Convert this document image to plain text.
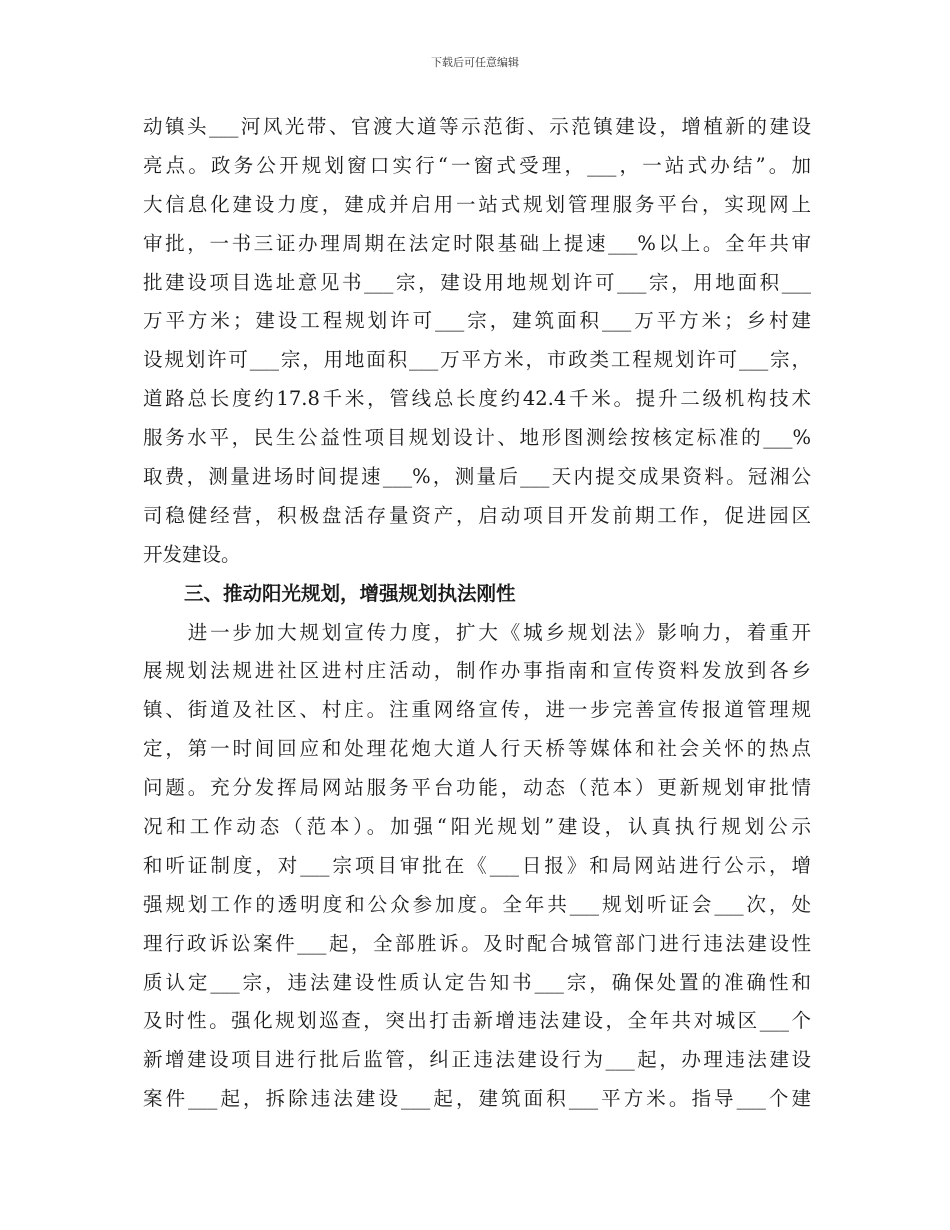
下载后可任意编辑
动镇头___河风光带、官渡大道等示范街、示范镇建设，增植新的建设
亮点。政务公开规划窗口实行“一窗式受理，___，一站式办结”。加
大信息化建设力度，建成并启用一站式规划管理服务平台，实现网上
审批，一书三证办理周期在法定时限基础上提速___%以上。全年共审
批建设项目选址意见书___宗，建设用地规划许可___宗，用地面积___
万平方米；建设工程规划许可___宗，建筑面积___万平方米；乡村建
设规划许可___宗，用地面积___万平方米，市政类工程规划许可___宗，
道路总长度约17.8千米，管线总长度约42.4千米。提升二级机构技术
服务水平，民生公益性项目规划设计、地形图测绘按核定标准的___%
取费，测量进场时间提速___%，测量后___天内提交成果资料。冠湘公
司稳健经营，积极盘活存量资产，启动项目开发前期工作，促进园区
开发建设。
三、推动阳光规划，增强规划执法刚性
　　进一步加大规划宣传力度，扩大《城乡规划法》影响力，着重开
展规划法规进社区进村庄活动，制作办事指南和宣传资料发放到各乡
镇、街道及社区、村庄。注重网络宣传，进一步完善宣传报道管理规
定，第一时间回应和处理花炮大道人行天桥等媒体和社会关怀的热点
问题。充分发挥局网站服务平台功能，动态（范本）更新规划审批情
况和工作动态（范本）。加强“阳光规划”建设，认真执行规划公示
和听证制度，对___宗项目审批在《___日报》和局网站进行公示，增
强规划工作的透明度和公众参加度。全年共___规划听证会___次，处
理行政诉讼案件___起，全部胜诉。及时配合城管部门进行违法建设性
质认定___宗，违法建设性质认定告知书___宗，确保处置的准确性和
及时性。强化规划巡查，突出打击新增违法建设，全年共对城区___个
新增建设项目进行批后监管，纠正违法建设行为___起，办理违法建设
案件___起，拆除违法建设___起，建筑面积___平方米。指导___个建
